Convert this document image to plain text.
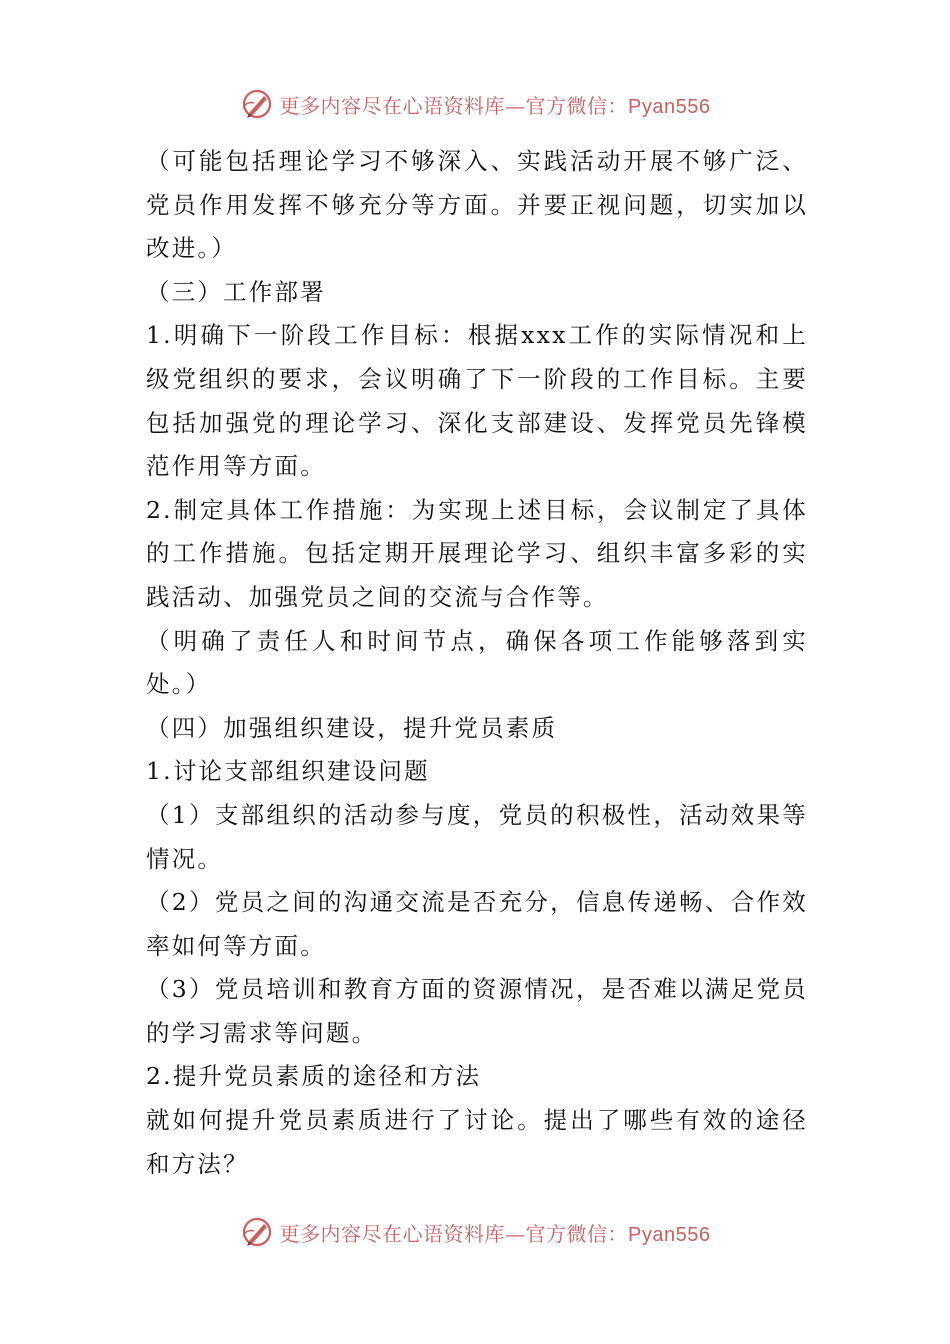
更多内容尽在心语资料库—官方微信：Pyan556

（可能包括理论学习不够深入、实践活动开展不够广泛、党员作用发挥不够充分等方面。并要正视问题，切实加以改进。）

（三）工作部署

1.明确下一阶段工作目标：根据xxx工作的实际情况和上级党组织的要求，会议明确了下一阶段的工作目标。主要包括加强党的理论学习、深化支部建设、发挥党员先锋模范作用等方面。

2.制定具体工作措施：为实现上述目标，会议制定了具体的工作措施。包括定期开展理论学习、组织丰富多彩的实践活动、加强党员之间的交流与合作等。

（明确了责任人和时间节点，确保各项工作能够落到实处。）

（四）加强组织建设，提升党员素质

1.讨论支部组织建设问题

（1）支部组织的活动参与度，党员的积极性，活动效果等情况。

（2）党员之间的沟通交流是否充分，信息传递畅、合作效率如何等方面。

（3）党员培训和教育方面的资源情况，是否难以满足党员的学习需求等问题。

2.提升党员素质的途径和方法

就如何提升党员素质进行了讨论。提出了哪些有效的途径和方法？

更多内容尽在心语资料库—官方微信：Pyan556
